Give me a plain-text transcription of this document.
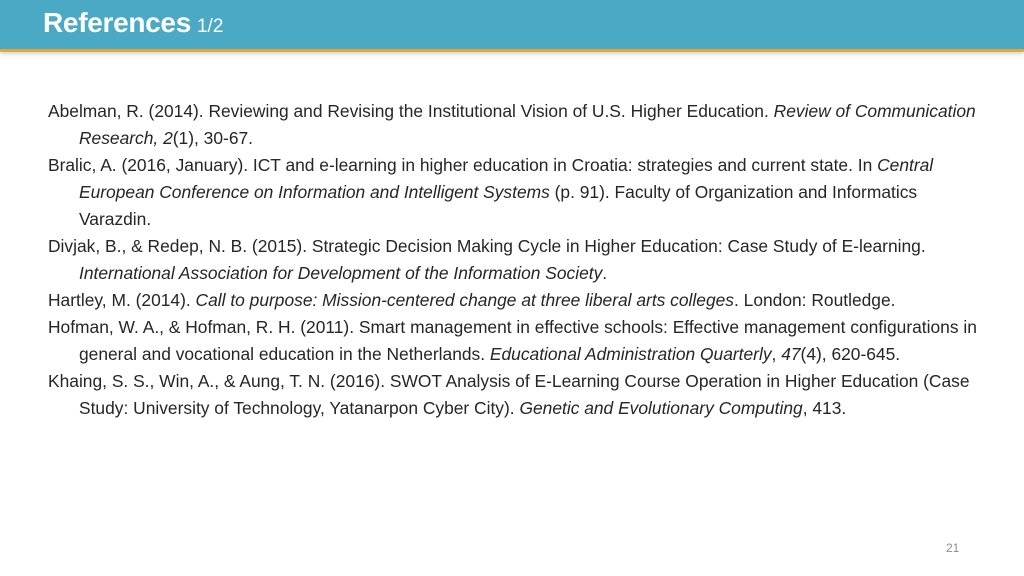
References 1/2

Abelman, R. (2014). Reviewing and Revising the Institutional Vision of U.S. Higher Education. Review of Communication Research, 2(1), 30-67.

Bralic, A. (2016, January). ICT and e-learning in higher education in Croatia: strategies and current state. In Central European Conference on Information and Intelligent Systems (p. 91). Faculty of Organization and Informatics Varazdin.

Divjak, B., & Redep, N. B. (2015). Strategic Decision Making Cycle in Higher Education: Case Study of E-learning. International Association for Development of the Information Society.

Hartley, M. (2014). Call to purpose: Mission-centered change at three liberal arts colleges. London: Routledge.

Hofman, W. A., & Hofman, R. H. (2011). Smart management in effective schools: Effective management configurations in general and vocational education in the Netherlands. Educational Administration Quarterly, 47(4), 620-645.

Khaing, S. S., Win, A., & Aung, T. N. (2016). SWOT Analysis of E-Learning Course Operation in Higher Education (Case Study: University of Technology, Yatanarpon Cyber City). Genetic and Evolutionary Computing, 413.

21
